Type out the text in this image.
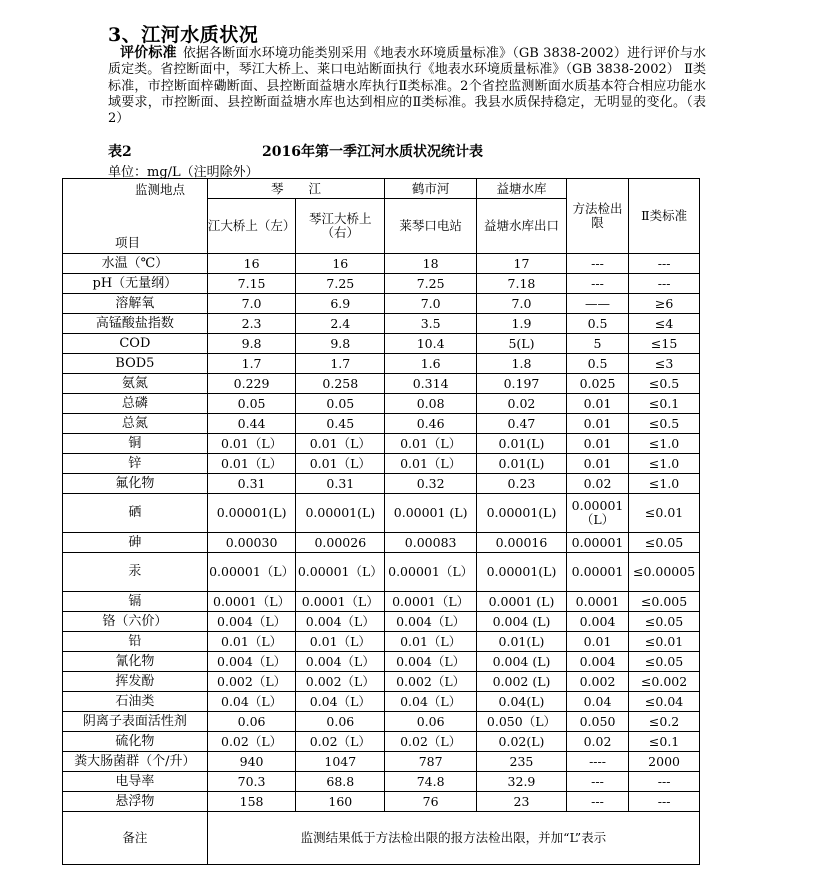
3、江河水质状况
评价标准 依据各断面水环境功能类别采用《地表水环境质量标准》（GB 3838-2002）进行评价与水质定类。省控断面中，琴江大桥上、莱口电站断面执行《地表水环境质量标准》（GB 3838-2002） Ⅱ类标准，市控断面梓磡断面、县控断面益塘水库执行Ⅱ类标准。2个省控监测断面水质基本符合相应功能水域要求，市控断面、县控断面益塘水库也达到相应的Ⅱ类标准。我县水质保持稳定，无明显的变化。（表2）
表2	2016年第一季江河水质状况统计表
单位：mg/L（注明除外）
监测地点
项目	琴　　江		鹤市河	益塘水库	方法检出限	Ⅱ类标准
	江大桥上（左）	琴江大桥上（右）	莱琴口电站	益塘水库出口		
水温（℃）	16	16	18	17	---	---
pH（无量纲）	7.15	7.25	7.25	7.18	---	---
溶解氧	7.0	6.9	7.0	7.0	——	≥6
高锰酸盐指数	2.3	2.4	3.5	1.9	0.5	≤4
COD	9.8	9.8	10.4	5(L)	5	≤15
BOD5	1.7	1.7	1.6	1.8	0.5	≤3
氨氮	0.229	0.258	0.314	0.197	0.025	≤0.5
总磷	0.05	0.05	0.08	0.02	0.01	≤0.1
总氮	0.44	0.45	0.46	0.47	0.01	≤0.5
铜	0.01（L）	0.01（L）	0.01（L）	0.01(L)	0.01	≤1.0
锌	0.01（L）	0.01（L）	0.01（L）	0.01(L)	0.01	≤1.0
氟化物	0.31	0.31	0.32	0.23	0.02	≤1.0
硒	0.00001(L)	0.00001(L)	0.00001 (L)	0.00001(L)	0.00001（L）	≤0.01
砷	0.00030	0.00026	0.00083	0.00016	0.00001	≤0.05
汞	0.00001（L）	0.00001（L）	0.00001（L）	0.00001(L)	0.00001	≤0.00005
镉	0.0001（L）	0.0001（L）	0.0001（L）	0.0001 (L)	0.0001	≤0.005
铬（六价）	0.004（L）	0.004（L）	0.004（L）	0.004 (L)	0.004	≤0.05
铅	0.01（L）	0.01（L）	0.01（L）	0.01(L)	0.01	≤0.01
氰化物	0.004（L）	0.004（L）	0.004（L）	0.004 (L)	0.004	≤0.05
挥发酚	0.002（L）	0.002（L）	0.002（L）	0.002 (L)	0.002	≤0.002
石油类	0.04（L）	0.04（L）	0.04（L）	0.04(L)	0.04	≤0.04
阴离子表面活性剂	0.06	0.06	0.06	0.050（L）	0.050	≤0.2
硫化物	0.02（L）	0.02（L）	0.02（L）	0.02(L)	0.02	≤0.1
粪大肠菌群（个/升）	940	1047	787	235	----	2000
电导率	70.3	68.8	74.8	32.9	---	---
悬浮物	158	160	76	23	---	---
备注	监测结果低于方法检出限的报方法检出限，并加“L”表示					
